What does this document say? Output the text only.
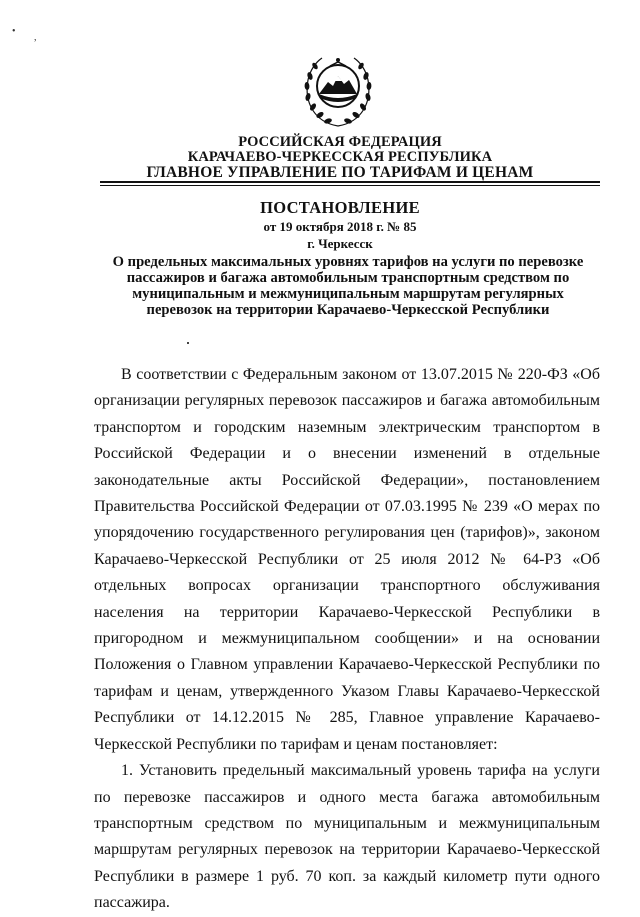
•
,
РОССИЙСКАЯ ФЕДЕРАЦИЯ
КАРАЧАЕВО-ЧЕРКЕССКАЯ РЕСПУБЛИКА
ГЛАВНОЕ УПРАВЛЕНИЕ ПО ТАРИФАМ И ЦЕНАМ
ПОСТАНОВЛЕНИЕ
от 19 октября 2018 г. № 85
г. Черкесск
О предельных максимальных уровнях тарифов на услуги по перевозке пассажиров и багажа автомобильным транспортным средством по муниципальным и межмуниципальным маршрутам регулярных перевозок на территории Карачаево-Черкесской Республики

В соответствии с Федеральным законом от 13.07.2015 № 220-ФЗ «Об организации регулярных перевозок пассажиров и багажа автомобильным транспортом и городским наземным электрическим транспортом в Российской Федерации и о внесении изменений в отдельные законодательные акты Российской Федерации», постановлением Правительства Российской Федерации от 07.03.1995 № 239 «О мерах по упорядочению государственного регулирования цен (тарифов)», законом Карачаево-Черкесской Республики от 25 июля 2012 № 64-РЗ «Об отдельных вопросах организации транспортного обслуживания населения на территории Карачаево-Черкесской Республики в пригородном и межмуниципальном сообщении» и на основании Положения о Главном управлении Карачаево-Черкесской Республики по тарифам и ценам, утвержденного Указом Главы Карачаево-Черкесской Республики от 14.12.2015 № 285, Главное управление Карачаево-Черкесской Республики по тарифам и ценам постановляет:

1. Установить предельный максимальный уровень тарифа на услуги по перевозке пассажиров и одного места багажа автомобильным транспортным средством по муниципальным и межмуниципальным маршрутам регулярных перевозок на территории Карачаево-Черкесской Республики в размере 1 руб. 70 коп. за каждый километр пути одного пассажира.
